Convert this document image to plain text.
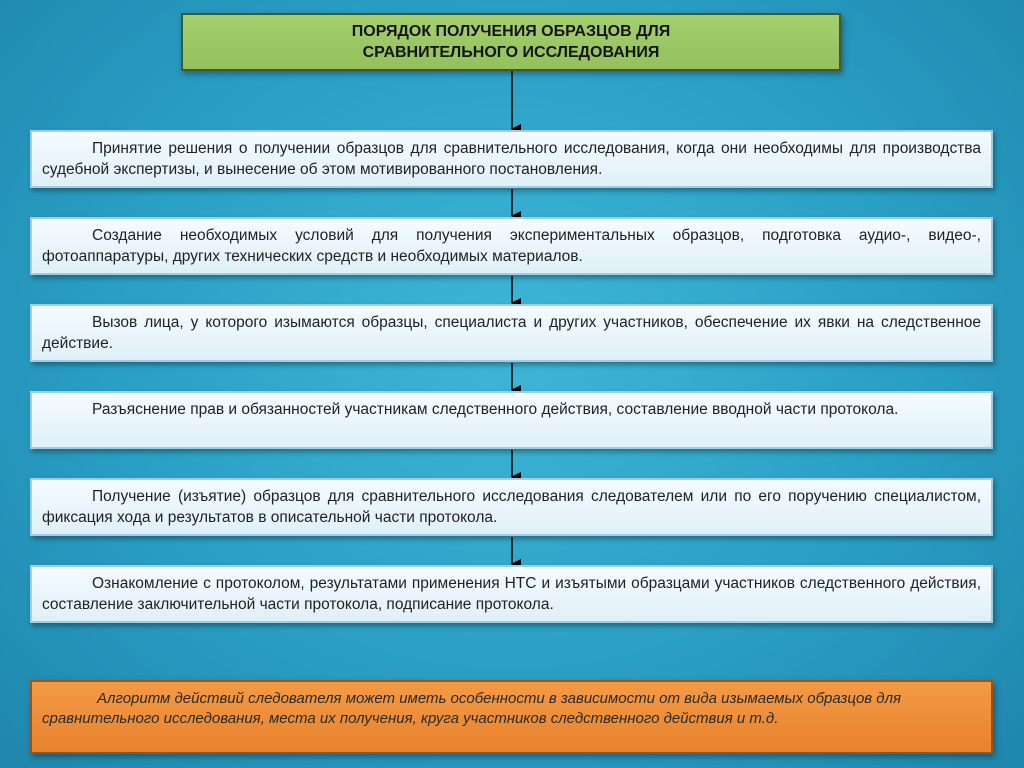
ПОРЯДОК ПОЛУЧЕНИЯ ОБРАЗЦОВ ДЛЯ
СРАВНИТЕЛЬНОГО ИССЛЕДОВАНИЯ
Принятие решения о получении образцов для сравнительного исследования, когда они необходимы для производства судебной экспертизы, и вынесение об этом мотивированного постановления.
Создание необходимых условий для получения экспериментальных образцов, подготовка аудио-, видео-, фотоаппаратуры, других технических средств и необходимых материалов.
Вызов лица, у которого изымаются образцы, специалиста и других участников, обеспечение их явки на следственное действие.
Разъяснение прав и обязанностей участникам следственного действия, составление вводной части протокола.
Получение (изъятие) образцов для сравнительного исследования следователем или по его поручению специалистом, фиксация хода и результатов в описательной части протокола.
Ознакомление с протоколом, результатами применения НТС и изъятыми образцами участников следственного действия, составление заключительной части протокола, подписание протокола.
Алгоритм действий следователя может иметь особенности в зависимости от вида изымаемых образцов для сравнительного исследования, места их получения, круга участников следственного действия и т.д.
